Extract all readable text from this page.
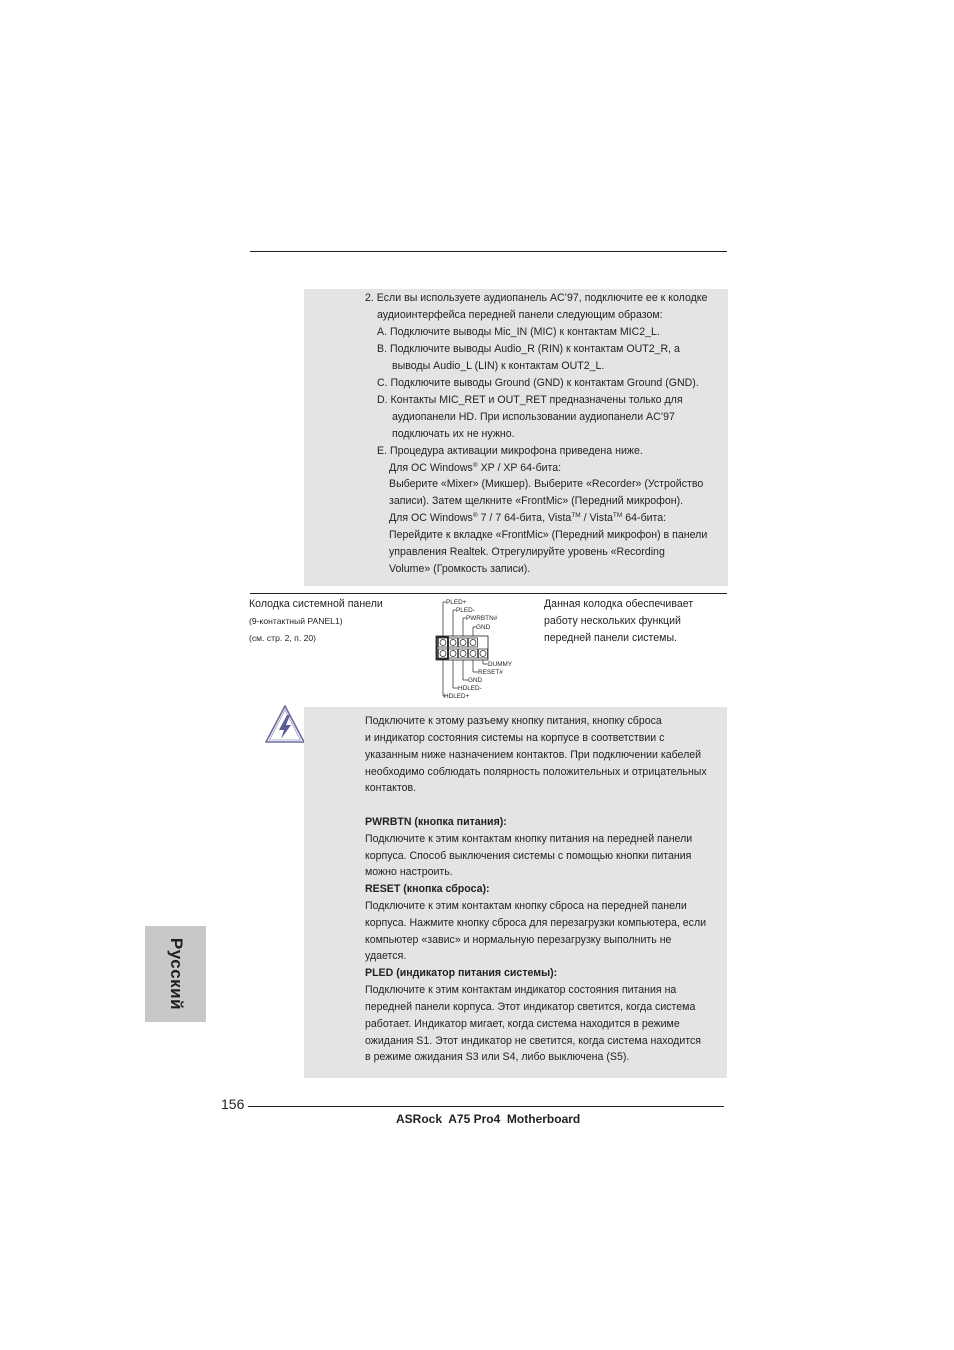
2. Если вы используете аудиопанель AC’97, подключите ее к колодке
аудиоинтерфейса передней панели следующим образом:
A. Подключите выводы Mic_IN (MIC) к контактам MIC2_L.
B. Подключите выводы Audio_R (RIN) к контактам OUT2_R, а
выводы Audio_L (LIN) к контактам OUT2_L.
C. Подключите выводы Ground (GND) к контактам Ground (GND).
D. Контакты MIC_RET и OUT_RET предназначены только для
аудиопанели HD. При использовании аудиопанели AC’97
подключать их не нужно.
E. Процедура активации микрофона приведена ниже.
Для ОС Windows® XP / XP 64-бита:
Выберите «Mixer» (Микшер). Выберите «Recorder» (Устройство
записи). Затем щелкните «FrontMic» (Передний микрофон).
Для ОС Windows® 7 / 7 64-бита, Vista™ / Vista™ 64-бита:
Перейдите к вкладке «FrontMic» (Передний микрофон) в панели
управления Realtek. Отрегулируйте уровень «Recording
Volume» (Громкость записи).
Колодка системной панели
(9-контактный PANEL1)
(см. стр. 2, п. 20)
Данная колодка обеспечивает
работу нескольких функций
передней панели системы.
PLED+
PLED-
PWRBTN#
GND
DUMMY
RESET#
GND
HDLED-
HDLED+
Подключите к этому разъему кнопку питания, кнопку сброса
и индикатор состояния системы на корпусе в соответствии с
указанным ниже назначением контактов. При подключении кабелей
необходимо соблюдать полярность положительных и отрицательных
контактов.
PWRBTN (кнопка питания):
Подключите к этим контактам кнопку питания на передней панели
корпуса. Способ выключения системы с помощью кнопки питания
можно настроить.
RESET (кнопка сброса):
Подключите к этим контактам кнопку сброса на передней панели
корпуса. Нажмите кнопку сброса для перезагрузки компьютера, если
компьютер «завис» и нормальную перезагрузку выполнить не
удается.
PLED (индикатор питания системы):
Подключите к этим контактам индикатор состояния питания на
передней панели корпуса. Этот индикатор светится, когда система
работает. Индикатор мигает, когда система находится в режиме
ожидания S1. Этот индикатор не светится, когда система находится
в режиме ожидания S3 или S4, либо выключена (S5).
Русский
156
ASRock  A75 Pro4  Motherboard
